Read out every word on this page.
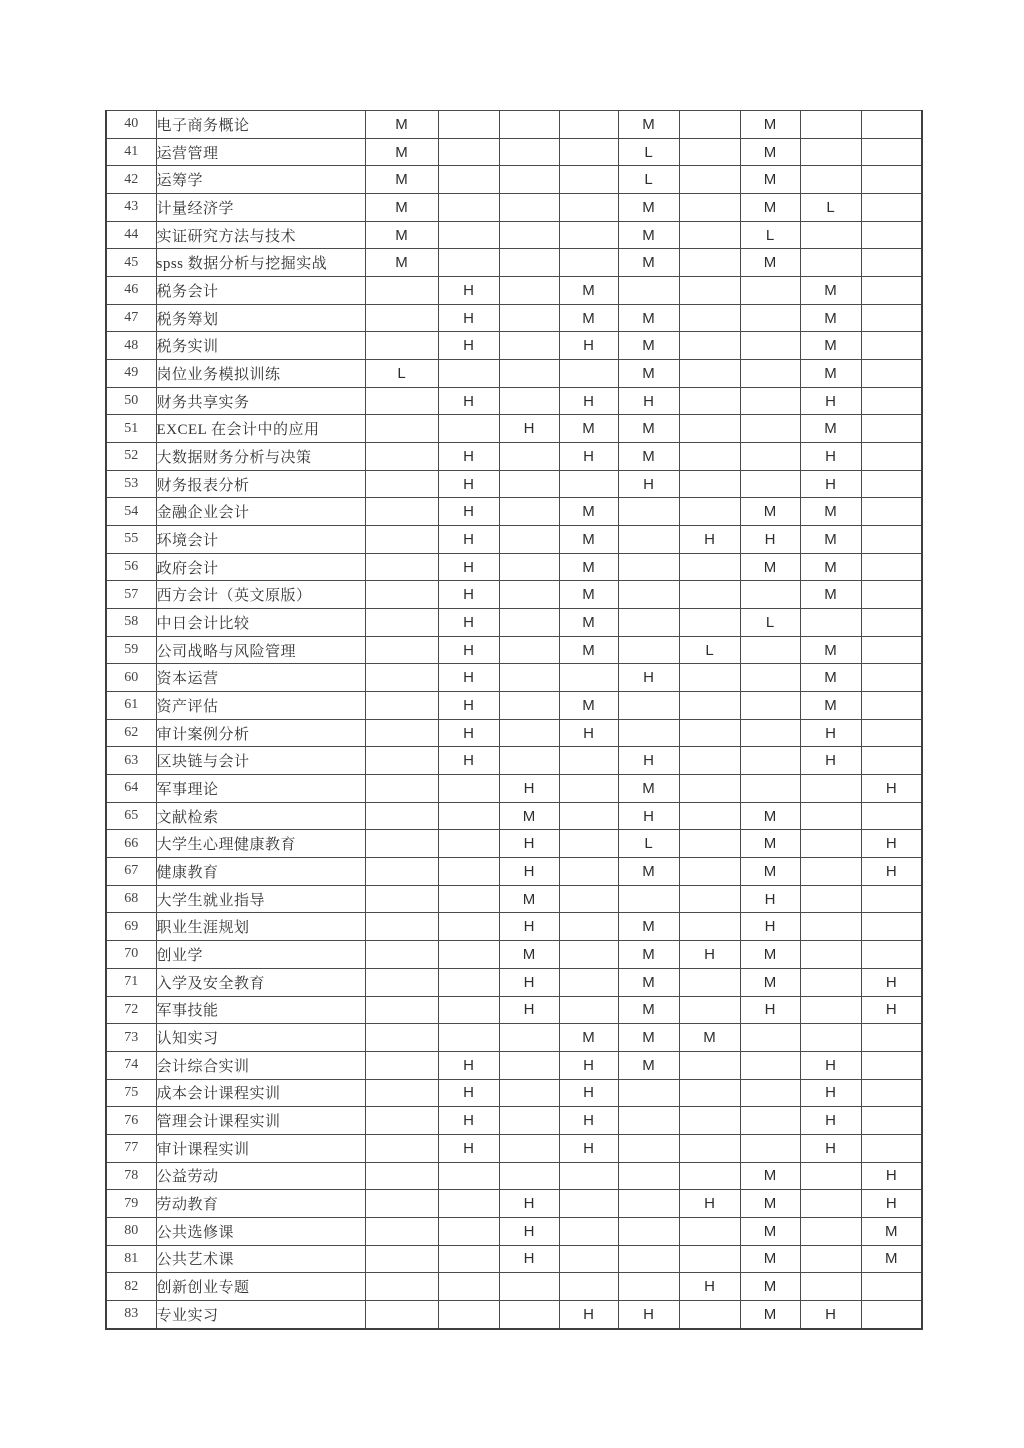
40	电子商务概论	M				M		M		
41	运营管理	M				L		M		
42	运筹学	M				L		M		
43	计量经济学	M				M		M	L	
44	实证研究方法与技术	M				M		L		
45	spss 数据分析与挖掘实战	M				M		M		
46	税务会计		H		M				M	
47	税务筹划		H		M	M			M	
48	税务实训		H		H	M			M	
49	岗位业务模拟训练	L				M			M	
50	财务共享实务		H		H	H			H	
51	EXCEL 在会计中的应用			H	M	M			M	
52	大数据财务分析与决策		H		H	M			H	
53	财务报表分析		H			H			H	
54	金融企业会计		H		M			M	M	
55	环境会计		H		M		H	H	M	
56	政府会计		H		M			M	M	
57	西方会计（英文原版）		H		M				M	
58	中日会计比较		H		M			L		
59	公司战略与风险管理		H		M		L		M	
60	资本运营		H			H			M	
61	资产评估		H		M				M	
62	审计案例分析		H		H				H	
63	区块链与会计		H			H			H	
64	军事理论			H		M				H
65	文献检索			M		H		M		
66	大学生心理健康教育			H		L		M		H
67	健康教育			H		M		M		H
68	大学生就业指导			M				H		
69	职业生涯规划			H		M		H		
70	创业学			M		M	H	M		
71	入学及安全教育			H		M		M		H
72	军事技能			H		M		H		H
73	认知实习				M	M	M			
74	会计综合实训		H		H	M			H	
75	成本会计课程实训		H		H				H	
76	管理会计课程实训		H		H				H	
77	审计课程实训		H		H				H	
78	公益劳动							M		H
79	劳动教育			H			H	M		H
80	公共选修课			H				M		M
81	公共艺术课			H				M		M
82	创新创业专题						H	M		
83	专业实习				H	H		M	H	
